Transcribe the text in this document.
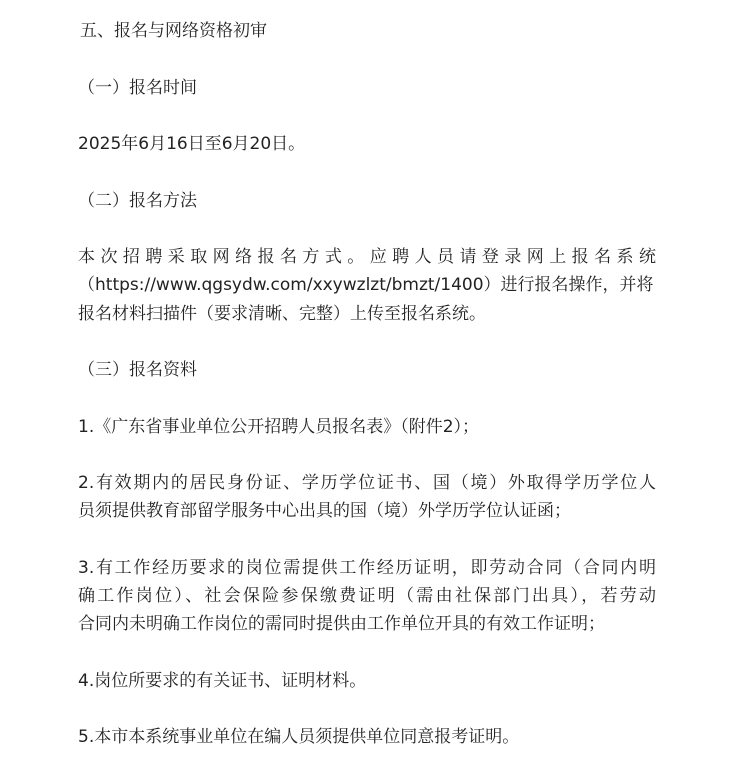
五、报名与网络资格初审
（一）报名时间
2025年6月16日至6月20日。
（二）报名方法
本次招聘采取网络报名方式。应聘人员请登录网上报名系统
（https://www.qgsydw.com/xxywzlzt/bmzt/1400）进行报名操作，并将
报名材料扫描件（要求清晰、完整）上传至报名系统。
（三）报名资料
1.《广东省事业单位公开招聘人员报名表》（附件2）；
2.有效期内的居民身份证、学历学位证书、国（境）外取得学历学位人
员须提供教育部留学服务中心出具的国（境）外学历学位认证函；
3.有工作经历要求的岗位需提供工作经历证明，即劳动合同（合同内明
确工作岗位）、社会保险参保缴费证明（需由社保部门出具），若劳动
合同内未明确工作岗位的需同时提供由工作单位开具的有效工作证明；
4.岗位所要求的有关证书、证明材料。
5.本市本系统事业单位在编人员须提供单位同意报考证明。
